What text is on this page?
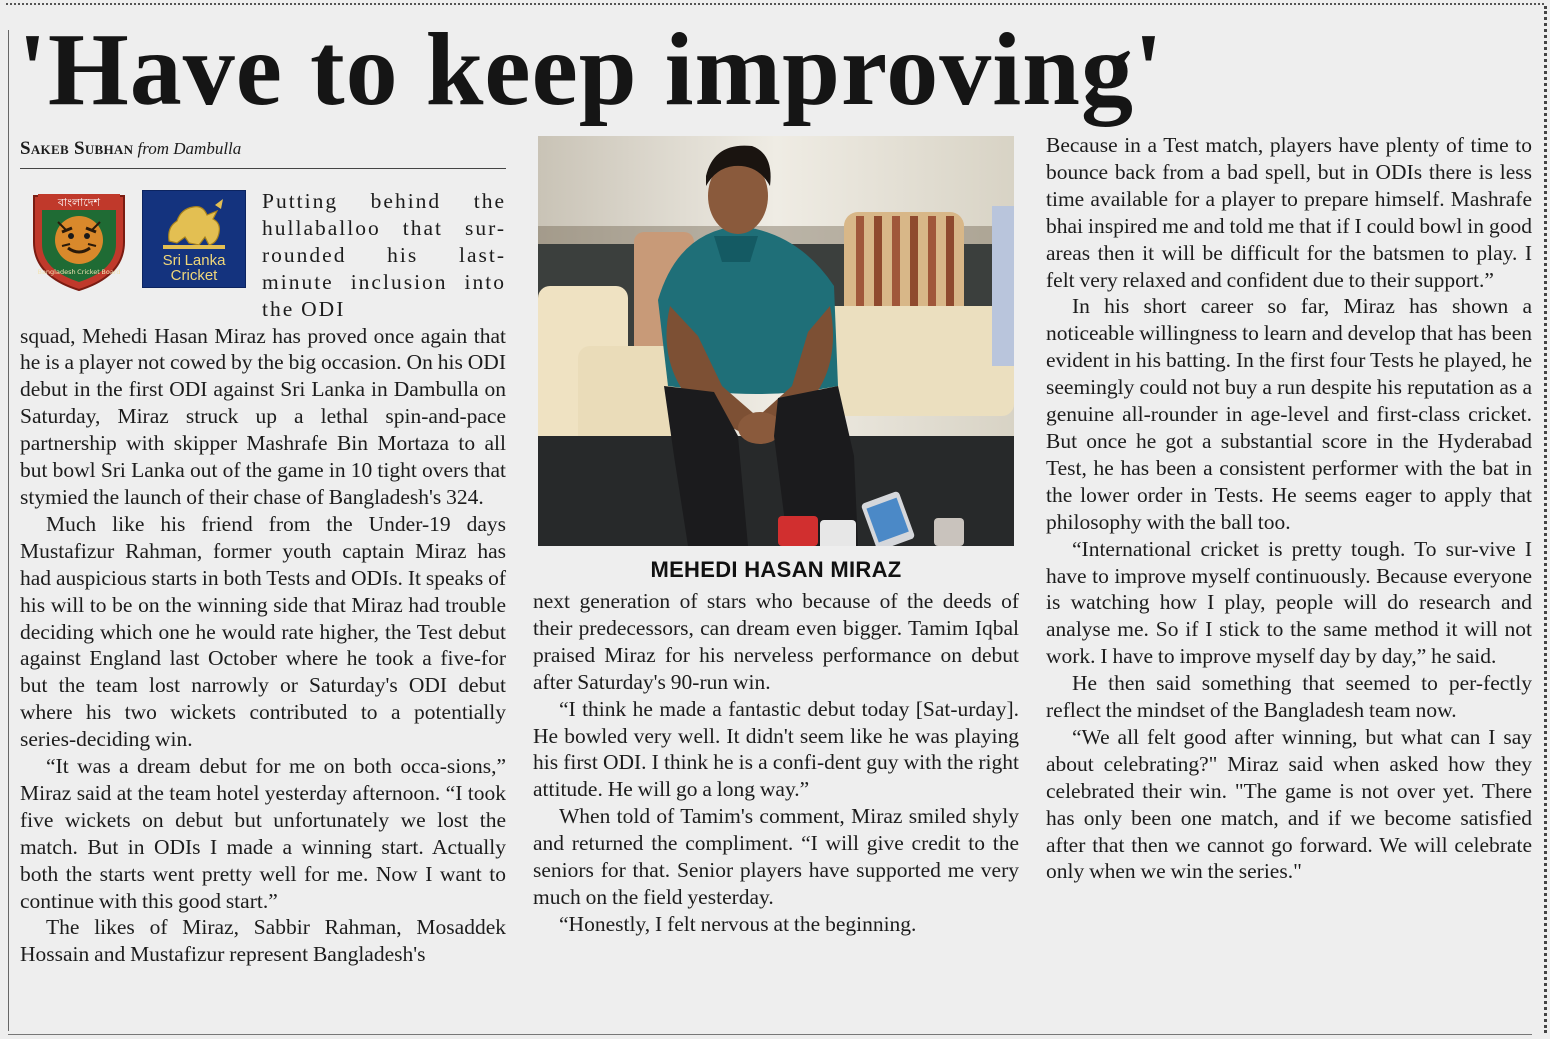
'Have to keep improving'
Sakeb Subhan from Dambulla
বাংলাদেশ
Bangladesh Cricket Board
Sri Lanka
Cricket

Putting behind the hullaballoo that sur-rounded his last-minute inclusion into the ODI

squad, Mehedi Hasan Miraz has proved once again that he is a player not cowed by the big occasion. On his ODI debut in the first ODI against Sri Lanka in Dambulla on Saturday, Miraz struck up a lethal spin-and-pace partnership with skipper Mashrafe Bin Mortaza to all but bowl Sri Lanka out of the game in 10 tight overs that stymied the launch of their chase of Bangladesh's 324.

Much like his friend from the Under-19 days Mustafizur Rahman, former youth captain Miraz has had auspicious starts in both Tests and ODIs. It speaks of his will to be on the winning side that Miraz had trouble deciding which one he would rate higher, the Test debut against England last October where he took a five-for but the team lost narrowly or Saturday's ODI debut where his two wickets contributed to a potentially series-deciding win.

“It was a dream debut for me on both occa-sions,” Miraz said at the team hotel yesterday afternoon. “I took five wickets on debut but unfortunately we lost the match. But in ODIs I made a winning start. Actually both the starts went pretty well for me. Now I want to continue with this good start.”

The likes of Miraz, Sabbir Rahman, Mosaddek Hossain and Mustafizur represent Bangladesh's

MEHEDI HASAN MIRAZ

next generation of stars who because of the deeds of their predecessors, can dream even bigger. Tamim Iqbal praised Miraz for his nerveless performance on debut after Saturday's 90-run win.

“I think he made a fantastic debut today [Sat-urday]. He bowled very well. It didn't seem like he was playing his first ODI. I think he is a confi-dent guy with the right attitude. He will go a long way.”

When told of Tamim's comment, Miraz smiled shyly and returned the compliment. “I will give credit to the seniors for that. Senior players have supported me very much on the field yesterday.

“Honestly, I felt nervous at the beginning.

Because in a Test match, players have plenty of time to bounce back from a bad spell, but in ODIs there is less time available for a player to prepare himself. Mashrafe bhai inspired me and told me that if I could bowl in good areas then it will be difficult for the batsmen to play. I felt very relaxed and confident due to their support.”

In his short career so far, Miraz has shown a noticeable willingness to learn and develop that has been evident in his batting. In the first four Tests he played, he seemingly could not buy a run despite his reputation as a genuine all-rounder in age-level and first-class cricket. But once he got a substantial score in the Hyderabad Test, he has been a consistent performer with the bat in the lower order in Tests. He seems eager to apply that philosophy with the ball too.

“International cricket is pretty tough. To sur-vive I have to improve myself continuously. Because everyone is watching how I play, people will do research and analyse me. So if I stick to the same method it will not work. I have to improve myself day by day,” he said.

He then said something that seemed to per-fectly reflect the mindset of the Bangladesh team now.

“We all felt good after winning, but what can I say about celebrating?" Miraz said when asked how they celebrated their win. "The game is not over yet. There has only been one match, and if we become satisfied after that then we cannot go forward. We will celebrate only when we win the series."
